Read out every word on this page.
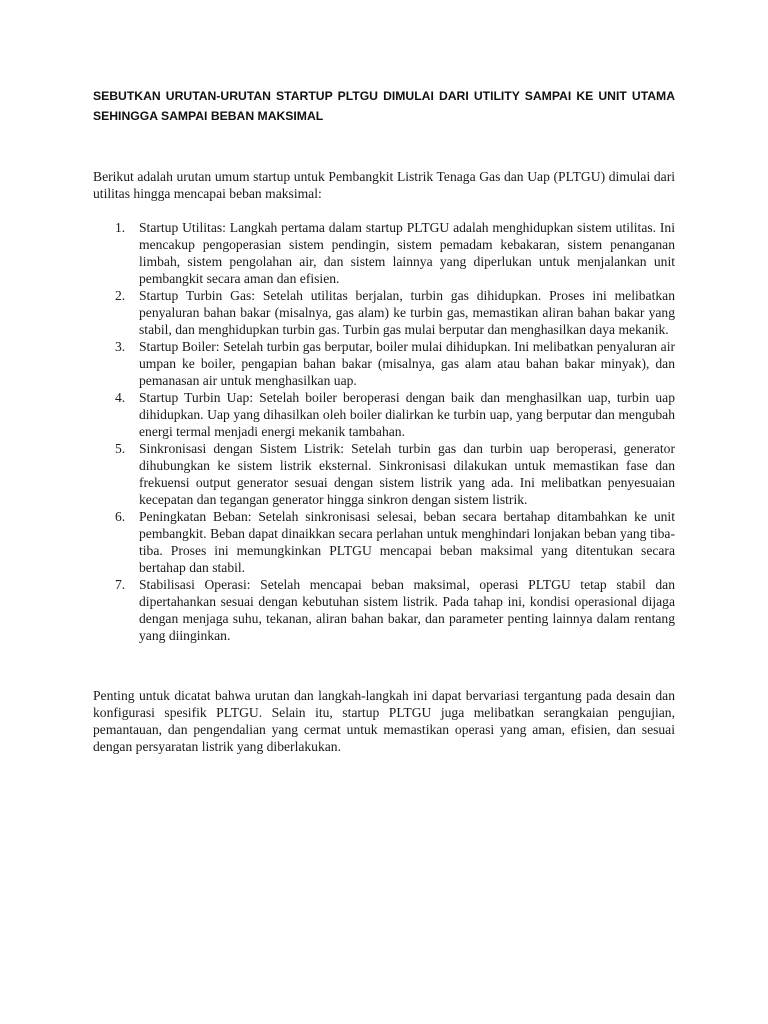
SEBUTKAN URUTAN-URUTAN STARTUP PLTGU DIMULAI DARI UTILITY SAMPAI KE UNIT UTAMA SEHINGGA SAMPAI BEBAN MAKSIMAL

Berikut adalah urutan umum startup untuk Pembangkit Listrik Tenaga Gas dan Uap (PLTGU) dimulai dari utilitas hingga mencapai beban maksimal:

1. Startup Utilitas: Langkah pertama dalam startup PLTGU adalah menghidupkan sistem utilitas. Ini mencakup pengoperasian sistem pendingin, sistem pemadam kebakaran, sistem penanganan limbah, sistem pengolahan air, dan sistem lainnya yang diperlukan untuk menjalankan unit pembangkit secara aman dan efisien.
2. Startup Turbin Gas: Setelah utilitas berjalan, turbin gas dihidupkan. Proses ini melibatkan penyaluran bahan bakar (misalnya, gas alam) ke turbin gas, memastikan aliran bahan bakar yang stabil, dan menghidupkan turbin gas. Turbin gas mulai berputar dan menghasilkan daya mekanik.
3. Startup Boiler: Setelah turbin gas berputar, boiler mulai dihidupkan. Ini melibatkan penyaluran air umpan ke boiler, pengapian bahan bakar (misalnya, gas alam atau bahan bakar minyak), dan pemanasan air untuk menghasilkan uap.
4. Startup Turbin Uap: Setelah boiler beroperasi dengan baik dan menghasilkan uap, turbin uap dihidupkan. Uap yang dihasilkan oleh boiler dialirkan ke turbin uap, yang berputar dan mengubah energi termal menjadi energi mekanik tambahan.
5. Sinkronisasi dengan Sistem Listrik: Setelah turbin gas dan turbin uap beroperasi, generator dihubungkan ke sistem listrik eksternal. Sinkronisasi dilakukan untuk memastikan fase dan frekuensi output generator sesuai dengan sistem listrik yang ada. Ini melibatkan penyesuaian kecepatan dan tegangan generator hingga sinkron dengan sistem listrik.
6. Peningkatan Beban: Setelah sinkronisasi selesai, beban secara bertahap ditambahkan ke unit pembangkit. Beban dapat dinaikkan secara perlahan untuk menghindari lonjakan beban yang tiba-tiba. Proses ini memungkinkan PLTGU mencapai beban maksimal yang ditentukan secara bertahap dan stabil.
7. Stabilisasi Operasi: Setelah mencapai beban maksimal, operasi PLTGU tetap stabil dan dipertahankan sesuai dengan kebutuhan sistem listrik. Pada tahap ini, kondisi operasional dijaga dengan menjaga suhu, tekanan, aliran bahan bakar, dan parameter penting lainnya dalam rentang yang diinginkan.

Penting untuk dicatat bahwa urutan dan langkah-langkah ini dapat bervariasi tergantung pada desain dan konfigurasi spesifik PLTGU. Selain itu, startup PLTGU juga melibatkan serangkaian pengujian, pemantauan, dan pengendalian yang cermat untuk memastikan operasi yang aman, efisien, dan sesuai dengan persyaratan listrik yang diberlakukan.
